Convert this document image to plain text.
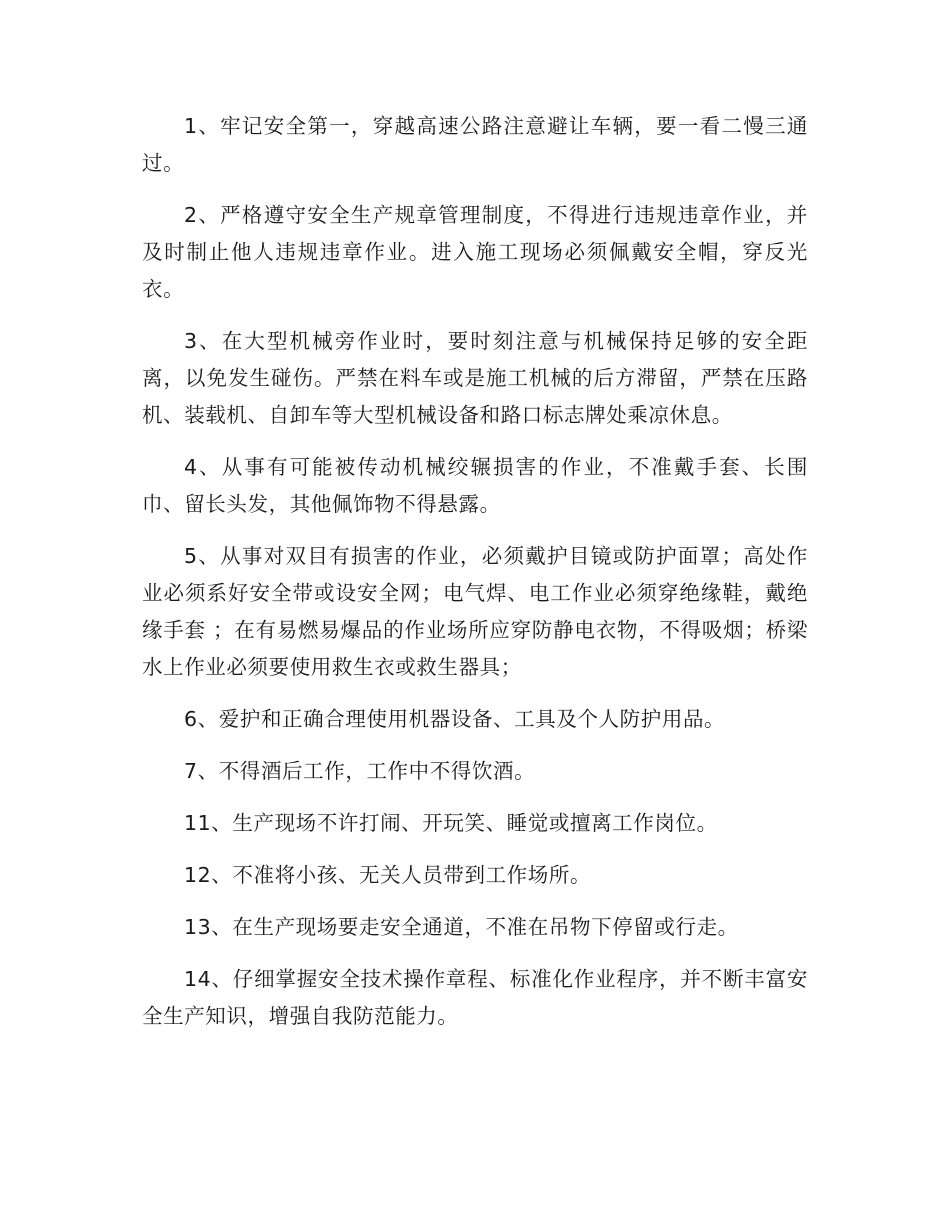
1、牢记安全第一，穿越高速公路注意避让车辆，要一看二慢三通过。

2、严格遵守安全生产规章管理制度，不得进行违规违章作业，并及时制止他人违规违章作业。进入施工现场必须佩戴安全帽，穿反光衣。

3、在大型机械旁作业时，要时刻注意与机械保持足够的安全距离，以免发生碰伤。严禁在料车或是施工机械的后方滞留，严禁在压路机、装载机、自卸车等大型机械设备和路口标志牌处乘凉休息。

4、从事有可能被传动机械绞辗损害的作业，不准戴手套、长围巾、留长头发，其他佩饰物不得悬露。

5、从事对双目有损害的作业，必须戴护目镜或防护面罩；高处作业必须系好安全带或设安全网；电气焊、电工作业必须穿绝缘鞋，戴绝缘手套 ；在有易燃易爆品的作业场所应穿防静电衣物，不得吸烟；桥梁水上作业必须要使用救生衣或救生器具；

6、爱护和正确合理使用机器设备、工具及个人防护用品。

7、不得酒后工作，工作中不得饮酒。

11、生产现场不许打闹、开玩笑、睡觉或擅离工作岗位。

12、不准将小孩、无关人员带到工作场所。

13、在生产现场要走安全通道，不准在吊物下停留或行走。

14、仔细掌握安全技术操作章程、标准化作业程序，并不断丰富安全生产知识，增强自我防范能力。
